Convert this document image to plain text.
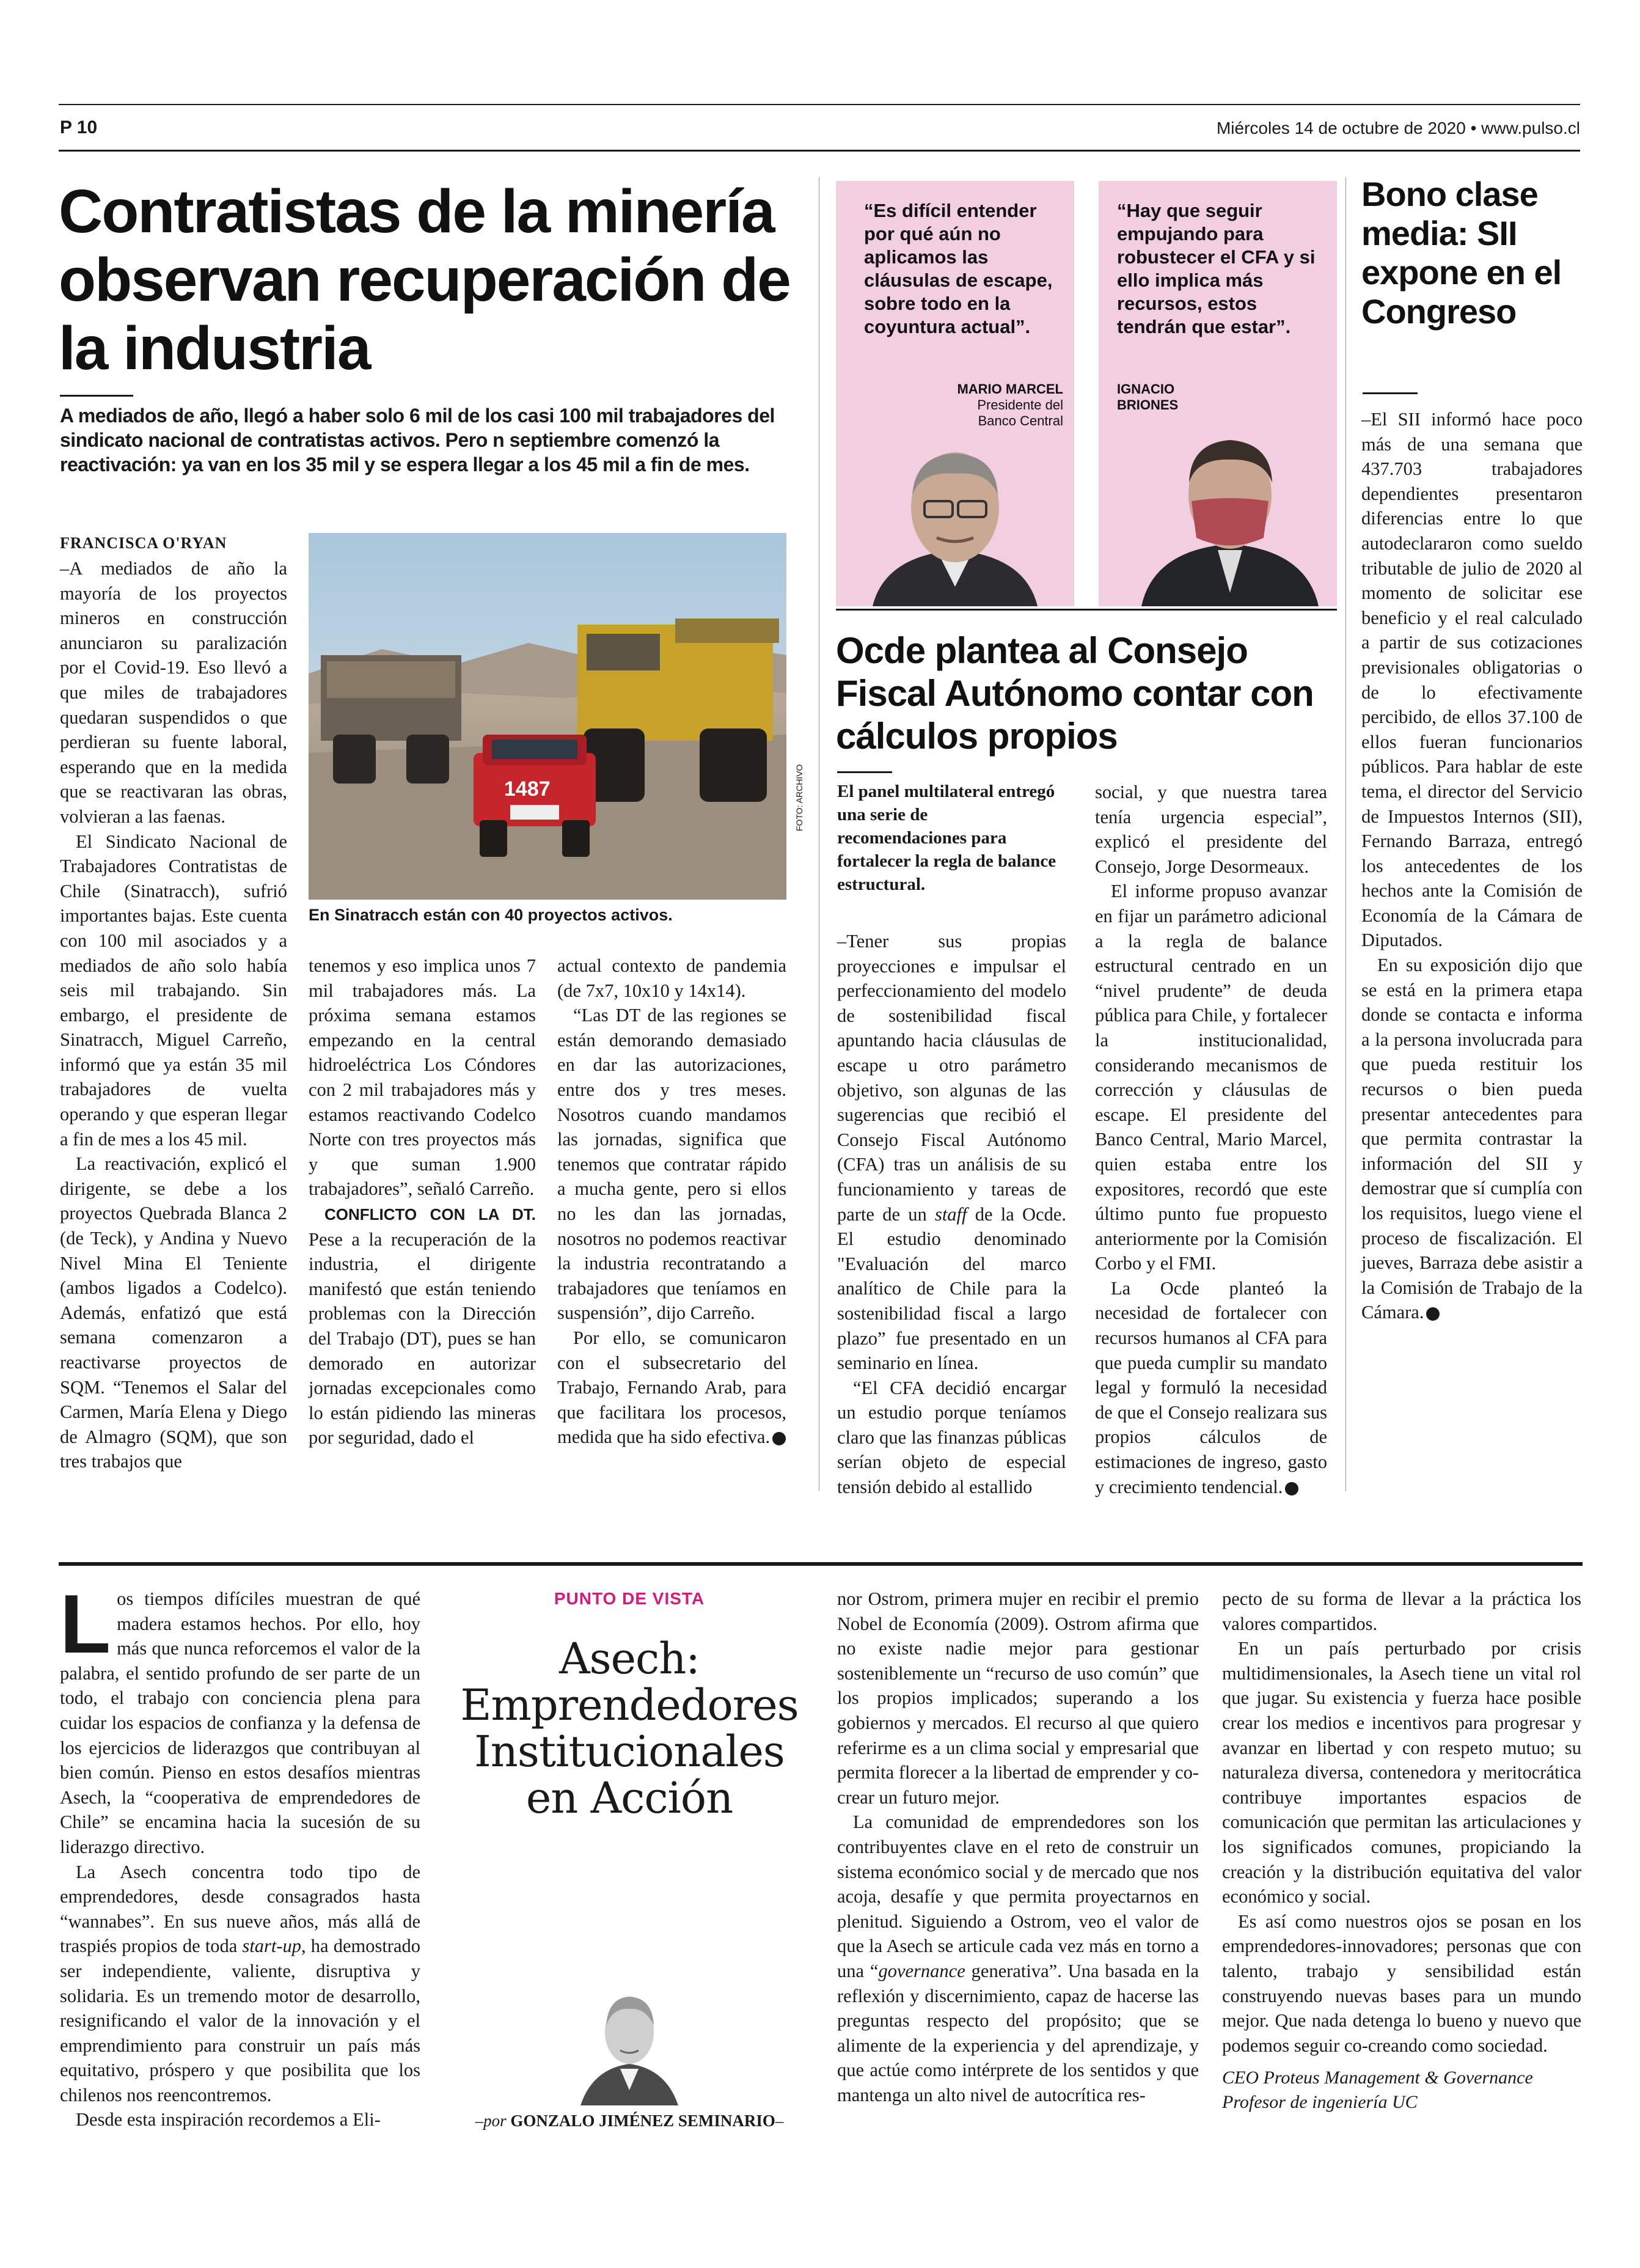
P 10	Miércoles 14 de octubre de 2020 • www.pulso.cl
Contratistas de la minería observan recuperación de la industria
A mediados de año, llegó a haber solo 6 mil de los casi 100 mil trabajadores del sindicato nacional de contratistas activos. Pero n septiembre comenzó la reactivación: ya van en los 35 mil y se espera llegar a los 45 mil a fin de mes.
FRANCISCA O'RYAN

–A mediados de año la mayoría de los proyectos mineros en construcción anunciaron su paralización por el Covid-19. Eso llevó a que miles de trabajadores quedaran suspendidos o que perdieran su fuente laboral, esperando que en la medida que se reactivaran las obras, volvieran a las faenas.

El Sindicato Nacional de Trabajadores Contratistas de Chile (Sinatracch), sufrió importantes bajas. Este cuenta con 100 mil asociados y a mediados de año solo había seis mil trabajando. Sin embargo, el presidente de Sinatracch, Miguel Carreño, informó que ya están 35 mil trabajadores de vuelta operando y que esperan llegar a fin de mes a los 45 mil.

La reactivación, explicó el dirigente, se debe a los proyectos Quebrada Blanca 2 (de Teck), y Andina y Nuevo Nivel Mina El Teniente (ambos ligados a Codelco). Además, enfatizó que está semana comenzaron a reactivarse proyectos de SQM. “Tenemos el Salar del Carmen, María Elena y Diego de Almagro (SQM), que son tres trabajos que

1487	FOTO: ARCHIVO
En Sinatracch están con 40 proyectos activos.

tenemos y eso implica unos 7 mil trabajadores más. La próxima semana estamos empezando en la central hidroeléctrica Los Cóndores con 2 mil trabajadores más y estamos reactivando Codelco Norte con tres proyectos más y que suman 1.900 trabajadores”, señaló Carreño.

CONFLICTO CON LA DT. Pese a la recuperación de la industria, el dirigente manifestó que están teniendo problemas con la Dirección del Trabajo (DT), pues se han demorado en autorizar jornadas excepcionales como lo están pidiendo las mineras por seguridad, dado el

actual contexto de pandemia (de 7x7, 10x10 y 14x14).

“Las DT de las regiones se están demorando demasiado en dar las autorizaciones, entre dos y tres meses. Nosotros cuando mandamos las jornadas, significa que tenemos que contratar rápido a mucha gente, pero si ellos no les dan las jornadas, nosotros no podemos reactivar la industria recontratando a trabajadores que teníamos en suspensión”, dijo Carreño.

Por ello, se comunicaron con el subsecretario del Trabajo, Fernando Arab, para que facilitara los procesos, medida que ha sido efectiva. P

“Es difícil entender por qué aún no aplicamos las cláusulas de escape, sobre todo en la coyuntura actual”.
MARIO MARCEL
Presidente del Banco Central
“Hay que seguir empujando para robustecer el CFA y si ello implica más recursos, estos tendrán que estar”.
IGNACIO BRIONES
Ocde plantea al Consejo Fiscal Autónomo contar con cálculos propios
El panel multilateral entregó una serie de recomendaciones para fortalecer la regla de balance estructural.

–Tener sus propias proyecciones e impulsar el perfeccionamiento del modelo de sostenibilidad fiscal apuntando hacia cláusulas de escape u otro parámetro objetivo, son algunas de las sugerencias que recibió el Consejo Fiscal Autónomo (CFA) tras un análisis de su funcionamiento y tareas de parte de un staff de la Ocde. El estudio denominado "Evaluación del marco analítico de Chile para la sostenibilidad fiscal a largo plazo” fue presentado en un seminario en línea.

“El CFA decidió encargar un estudio porque teníamos claro que las finanzas públicas serían objeto de especial tensión debido al estallido

social, y que nuestra tarea tenía urgencia especial”, explicó el presidente del Consejo, Jorge Desormeaux.

El informe propuso avanzar en fijar un parámetro adicional a la regla de balance estructural centrado en un “nivel prudente” de deuda pública para Chile, y fortalecer la institucionalidad, considerando mecanismos de corrección y cláusulas de escape. El presidente del Banco Central, Mario Marcel, quien estaba entre los expositores, recordó que este último punto fue propuesto anteriormente por la Comisión Corbo y el FMI.

La Ocde planteó la necesidad de fortalecer con recursos humanos al CFA para que pueda cumplir su mandato legal y formuló la necesidad de que el Consejo realizara sus propios cálculos de estimaciones de ingreso, gasto y crecimiento tendencial. P

Bono clase media: SII expone en el Congreso

–El SII informó hace poco más de una semana que 437.703 trabajadores dependientes presentaron diferencias entre lo que autodeclararon como sueldo tributable de julio de 2020 al momento de solicitar ese beneficio y el real calculado a partir de sus cotizaciones previsionales obligatorias o de lo efectivamente percibido, de ellos 37.100 de ellos fueran funcionarios públicos. Para hablar de este tema, el director del Servicio de Impuestos Internos (SII), Fernando Barraza, entregó los antecedentes de los hechos ante la Comisión de Economía de la Cámara de Diputados.

En su exposición dijo que se está en la primera etapa donde se contacta e informa a la persona involucrada para que pueda restituir los recursos o bien pueda presentar antecedentes para que permita contrastar la información del SII y demostrar que sí cumplía con los requisitos, luego viene el proceso de fiscalización. El jueves, Barraza debe asistir a la Comisión de Trabajo de la Cámara. P

Los tiempos difíciles muestran de qué madera estamos hechos. Por ello, hoy más que nunca reforcemos el valor de la palabra, el sentido profundo de ser parte de un todo, el trabajo con conciencia plena para cuidar los espacios de confianza y la defensa de los ejercicios de liderazgos que contribuyan al bien común. Pienso en estos desafíos mientras Asech, la “cooperativa de emprendedores de Chile” se encamina hacia la sucesión de su liderazgo directivo.

La Asech concentra todo tipo de emprendedores, desde consagrados hasta “wannabes”. En sus nueve años, más allá de traspiés propios de toda start-up, ha demostrado ser independiente, valiente, disruptiva y solidaria. Es un tremendo motor de desarrollo, resignificando el valor de la innovación y el emprendimiento para construir un país más equitativo, próspero y que posibilita que los chilenos nos reencontremos.

Desde esta inspiración recordemos a Eli-

PUNTO DE VISTA
Asech: Emprendedores Institucionales en Acción
–por GONZALO JIMÉNEZ SEMINARIO–

nor Ostrom, primera mujer en recibir el premio Nobel de Economía (2009). Ostrom afirma que no existe nadie mejor para gestionar sosteniblemente un “recurso de uso común” que los propios implicados; superando a los gobiernos y mercados. El recurso al que quiero referirme es a un clima social y empresarial que permita florecer a la libertad de emprender y co-crear un futuro mejor.

La comunidad de emprendedores son los contribuyentes clave en el reto de construir un sistema económico social y de mercado que nos acoja, desafíe y que permita proyectarnos en plenitud. Siguiendo a Ostrom, veo el valor de que la Asech se articule cada vez más en torno a una “governance generativa”. Una basada en la reflexión y discernimiento, capaz de hacerse las preguntas respecto del propósito; que se alimente de la experiencia y del aprendizaje, y que actúe como intérprete de los sentidos y que mantenga un alto nivel de autocrítica res-

pecto de su forma de llevar a la práctica los valores compartidos.

En un país perturbado por crisis multidimensionales, la Asech tiene un vital rol que jugar. Su existencia y fuerza hace posible crear los medios e incentivos para progresar y avanzar en libertad y con respeto mutuo; su naturaleza diversa, contenedora y meritocrática contribuye importantes espacios de comunicación que permitan las articulaciones y los significados comunes, propiciando la creación y la distribución equitativa del valor económico y social.

Es así como nuestros ojos se posan en los emprendedores-innovadores; personas que con talento, trabajo y sensibilidad están construyendo nuevas bases para un mundo mejor. Que nada detenga lo bueno y nuevo que podemos seguir co-creando como sociedad.

CEO Proteus Management & Governance
Profesor de ingeniería UC
